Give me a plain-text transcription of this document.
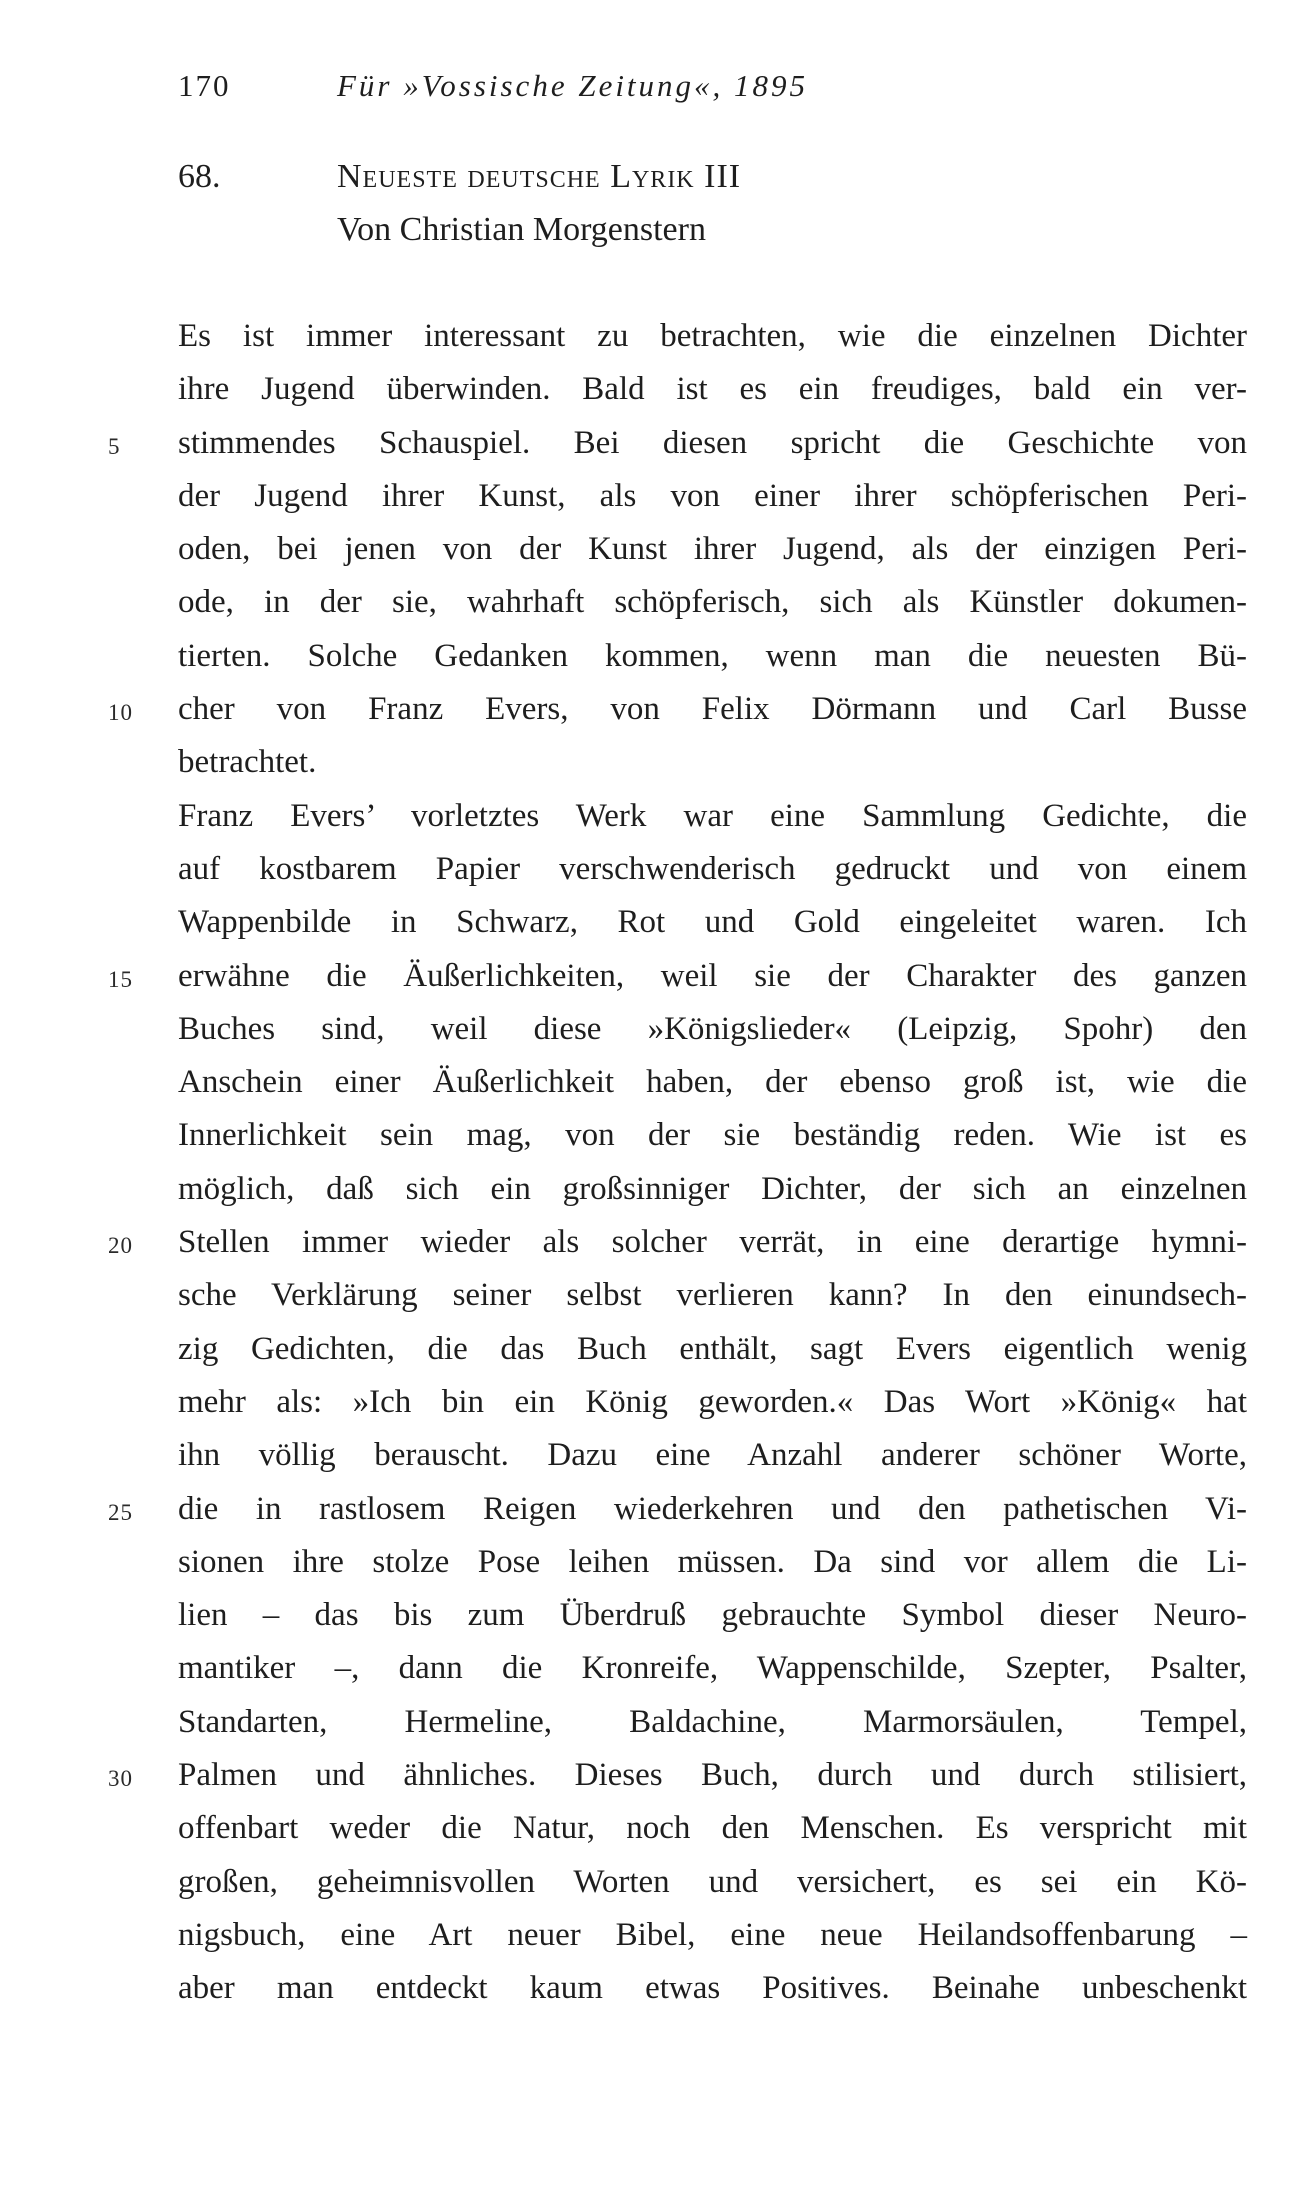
170	Für »Vossische Zeitung«, 1895
68.	Neueste deutsche Lyrik III
Von Christian Morgenstern
Es ist immer interessant zu betrachten, wie die einzelnen Dichter
ihre Jugend überwinden. Bald ist es ein freudiges, bald ein ver-
5	stimmendes Schauspiel. Bei diesen spricht die Geschichte von
der Jugend ihrer Kunst, als von einer ihrer schöpferischen Peri-
oden, bei jenen von der Kunst ihrer Jugend, als der einzigen Peri-
ode, in der sie, wahrhaft schöpferisch, sich als Künstler dokumen-
tierten. Solche Gedanken kommen, wenn man die neuesten Bü-
10	cher von Franz Evers, von Felix Dörmann und Carl Busse
betrachtet.
Franz Evers’ vorletztes Werk war eine Sammlung Gedichte, die
auf kostbarem Papier verschwenderisch gedruckt und von einem
Wappenbilde in Schwarz, Rot und Gold eingeleitet waren. Ich
15	erwähne die Äußerlichkeiten, weil sie der Charakter des ganzen
Buches sind, weil diese »Königslieder« (Leipzig, Spohr) den
Anschein einer Äußerlichkeit haben, der ebenso groß ist, wie die
Innerlichkeit sein mag, von der sie beständig reden. Wie ist es
möglich, daß sich ein großsinniger Dichter, der sich an einzelnen
20	Stellen immer wieder als solcher verrät, in eine derartige hymni-
sche Verklärung seiner selbst verlieren kann? In den einundsech-
zig Gedichten, die das Buch enthält, sagt Evers eigentlich wenig
mehr als: »Ich bin ein König geworden.« Das Wort »König« hat
ihn völlig berauscht. Dazu eine Anzahl anderer schöner Worte,
25	die in rastlosem Reigen wiederkehren und den pathetischen Vi-
sionen ihre stolze Pose leihen müssen. Da sind vor allem die Li-
lien – das bis zum Überdruß gebrauchte Symbol dieser Neuro-
mantiker –, dann die Kronreife, Wappenschilde, Szepter, Psalter,
Standarten, Hermeline, Baldachine, Marmorsäulen, Tempel,
30	Palmen und ähnliches. Dieses Buch, durch und durch stilisiert,
offenbart weder die Natur, noch den Menschen. Es verspricht mit
großen, geheimnisvollen Worten und versichert, es sei ein Kö-
nigsbuch, eine Art neuer Bibel, eine neue Heilandsoffenbarung –
aber man entdeckt kaum etwas Positives. Beinahe unbeschenkt
